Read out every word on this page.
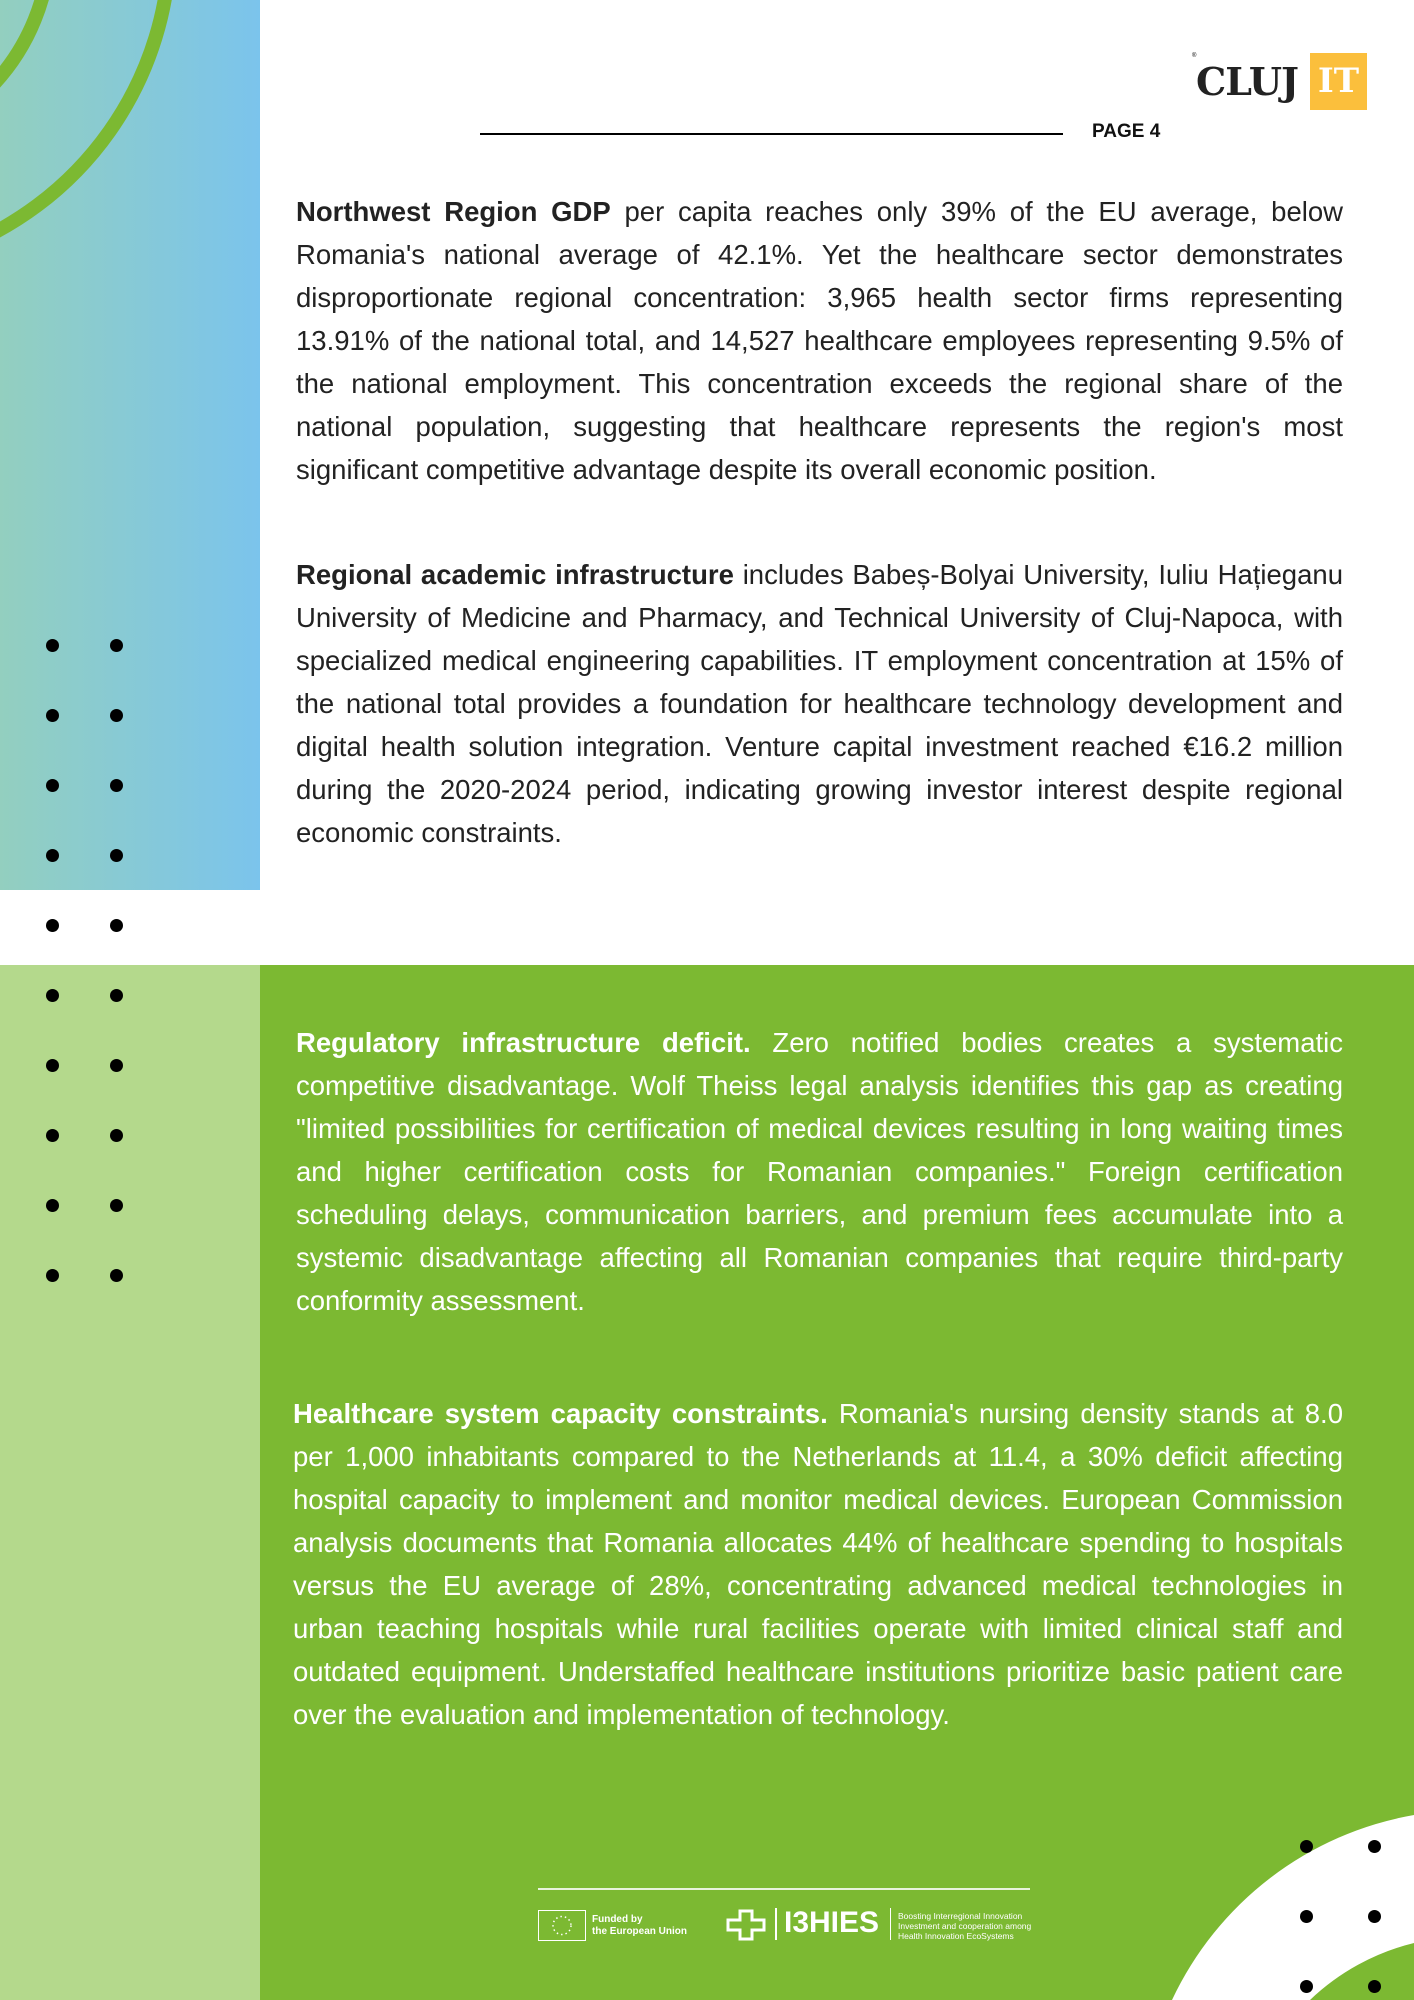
®
CLUJ IT
PAGE 4

Northwest Region GDP per capita reaches only 39% of the EU average, below Romania's national average of 42.1%. Yet the healthcare sector demonstrates disproportionate regional concentration: 3,965 health sector firms representing 13.91% of the national total, and 14,527 healthcare employees representing 9.5% of the national employment. This concentration exceeds the regional share of the national population, suggesting that healthcare represents the region's most significant competitive advantage despite its overall economic position.

Regional academic infrastructure includes Babeș-Bolyai University, Iuliu Hațieganu University of Medicine and Pharmacy, and Technical University of Cluj-Napoca, with specialized medical engineering capabilities. IT employment concentration at 15% of the national total provides a foundation for healthcare technology development and digital health solution integration. Venture capital investment reached €16.2 million during the 2020-2024 period, indicating growing investor interest despite regional economic constraints.

Regulatory infrastructure deficit. Zero notified bodies creates a systematic competitive disadvantage. Wolf Theiss legal analysis identifies this gap as creating "limited possibilities for certification of medical devices resulting in long waiting times and higher certification costs for Romanian companies." Foreign certification scheduling delays, communication barriers, and premium fees accumulate into a systemic disadvantage affecting all Romanian companies that require third-party conformity assessment.

Healthcare system capacity constraints. Romania's nursing density stands at 8.0 per 1,000 inhabitants compared to the Netherlands at 11.4, a 30% deficit affecting hospital capacity to implement and monitor medical devices. European Commission analysis documents that Romania allocates 44% of healthcare spending to hospitals versus the EU average of 28%, concentrating advanced medical technologies in urban teaching hospitals while rural facilities operate with limited clinical staff and outdated equipment. Understaffed healthcare institutions prioritize basic patient care over the evaluation and implementation of technology.

Funded by
the European Union	I3HIES Boosting Interregional Innovation
Investment and cooperation among
Health Innovation EcoSystems
